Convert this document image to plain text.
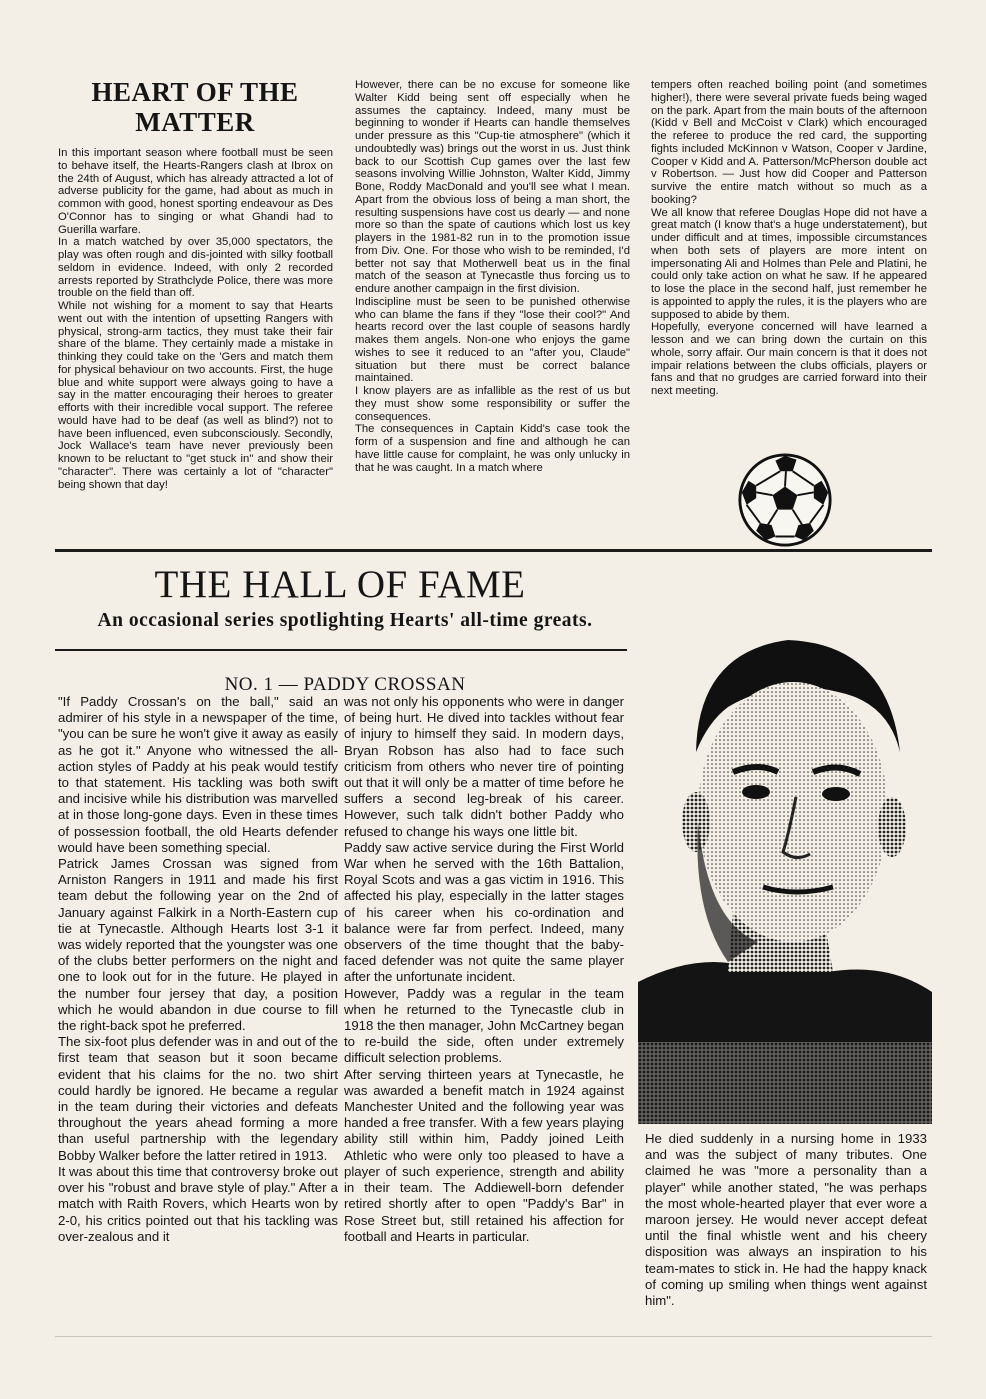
HEART OF THE
MATTER

In this important season where football must be seen to behave itself, the Hearts-Rangers clash at Ibrox on the 24th of August, which has already attracted a lot of adverse publicity for the game, had about as much in common with good, honest sporting endeavour as Des O'Connor has to singing or what Ghandi had to Guerilla warfare.

In a match watched by over 35,000 spectators, the play was often rough and dis-jointed with silky football seldom in evidence. Indeed, with only 2 recorded arrests reported by Strathclyde Police, there was more trouble on the field than off.

While not wishing for a moment to say that Hearts went out with the intention of upsetting Rangers with physical, strong-arm tactics, they must take their fair share of the blame. They certainly made a mistake in thinking they could take on the 'Gers and match them for physical behaviour on two accounts. First, the huge blue and white support were always going to have a say in the matter encouraging their heroes to greater efforts with their incredible vocal support. The referee would have had to be deaf (as well as blind?) not to have been influenced, even subconsciously. Secondly, Jock Wallace's team have never previously been known to be reluctant to "get stuck in" and show their "character". There was certainly a lot of "character" being shown that day!

However, there can be no excuse for someone like Walter Kidd being sent off especially when he assumes the captaincy. Indeed, many must be beginning to wonder if Hearts can handle themselves under pressure as this "Cup-tie atmosphere" (which it undoubtedly was) brings out the worst in us. Just think back to our Scottish Cup games over the last few seasons involving Willie Johnston, Walter Kidd, Jimmy Bone, Roddy MacDonald and you'll see what I mean. Apart from the obvious loss of being a man short, the resulting suspensions have cost us dearly — and none more so than the spate of cautions which lost us key players in the 1981-82 run in to the promotion issue from Div. One. For those who wish to be reminded, I'd better not say that Motherwell beat us in the final match of the season at Tynecastle thus forcing us to endure another campaign in the first division.

Indiscipline must be seen to be punished otherwise who can blame the fans if they "lose their cool?" And hearts record over the last couple of seasons hardly makes them angels. Non-one who enjoys the game wishes to see it reduced to an "after you, Claude" situation but there must be correct balance maintained.

I know players are as infallible as the rest of us but they must show some responsibility or suffer the consequences.

The consequences in Captain Kidd's case took the form of a suspension and fine and although he can have little cause for complaint, he was only unlucky in that he was caught. In a match where

tempers often reached boiling point (and sometimes higher!), there were several private fueds being waged on the park. Apart from the main bouts of the afternoon (Kidd v Bell and McCoist v Clark) which encouraged the referee to produce the red card, the supporting fights included McKinnon v Watson, Cooper v Jardine, Cooper v Kidd and A. Patterson/McPherson double act v Robertson. — Just how did Cooper and Patterson survive the entire match without so much as a booking?

We all know that referee Douglas Hope did not have a great match (I know that's a huge understatement), but under difficult and at times, impossible circumstances when both sets of players are more intent on impersonating Ali and Holmes than Pele and Platini, he could only take action on what he saw. If he appeared to lose the place in the second half, just remember he is appointed to apply the rules, it is the players who are supposed to abide by them.

Hopefully, everyone concerned will have learned a lesson and we can bring down the curtain on this whole, sorry affair. Our main concern is that it does not impair relations between the clubs officials, players or fans and that no grudges are carried forward into their next meeting.

THE HALL OF FAME
An occasional series spotlighting Hearts' all-time greats.
NO. 1 — PADDY CROSSAN

"If Paddy Crossan's on the ball," said an admirer of his style in a newspaper of the time, "you can be sure he won't give it away as easily as he got it." Anyone who witnessed the all-action styles of Paddy at his peak would testify to that statement. His tackling was both swift and incisive while his distribution was marvelled at in those long-gone days. Even in these times of possession football, the old Hearts defender would have been something special.

Patrick James Crossan was signed from Arniston Rangers in 1911 and made his first team debut the following year on the 2nd of January against Falkirk in a North-Eastern cup tie at Tynecastle. Although Hearts lost 3-1 it was widely reported that the youngster was one of the clubs better performers on the night and one to look out for in the future. He played in the number four jersey that day, a position which he would abandon in due course to fill the right-back spot he preferred.

The six-foot plus defender was in and out of the first team that season but it soon became evident that his claims for the no. two shirt could hardly be ignored. He became a regular in the team during their victories and defeats throughout the years ahead forming a more than useful partnership with the legendary Bobby Walker before the latter retired in 1913.

It was about this time that controversy broke out over his "robust and brave style of play." After a match with Raith Rovers, which Hearts won by 2-0, his critics pointed out that his tackling was over-zealous and it

was not only his opponents who were in danger of being hurt. He dived into tackles without fear of injury to himself they said. In modern days, Bryan Robson has also had to face such criticism from others who never tire of pointing out that it will only be a matter of time before he suffers a second leg-break of his career. However, such talk didn't bother Paddy who refused to change his ways one little bit.

Paddy saw active service during the First World War when he served with the 16th Battalion, Royal Scots and was a gas victim in 1916. This affected his play, especially in the latter stages of his career when his co-ordination and balance were far from perfect. Indeed, many observers of the time thought that the baby-faced defender was not quite the same player after the unfortunate incident.

However, Paddy was a regular in the team when he returned to the Tynecastle club in 1918 the then manager, John McCartney began to re-build the side, often under extremely difficult selection problems.

After serving thirteen years at Tynecastle, he was awarded a benefit match in 1924 against Manchester United and the following year was handed a free transfer. With a few years playing ability still within him, Paddy joined Leith Athletic who were only too pleased to have a player of such experience, strength and ability in their team. The Addiewell-born defender retired shortly after to open "Paddy's Bar" in Rose Street but, still retained his affection for football and Hearts in particular.

He died suddenly in a nursing home in 1933 and was the subject of many tributes. One claimed he was "more a personality than a player" while another stated, "he was perhaps the most whole-hearted player that ever wore a maroon jersey. He would never accept defeat until the final whistle went and his cheery disposition was always an inspiration to his team-mates to stick in. He had the happy knack of coming up smiling when things went against him".
